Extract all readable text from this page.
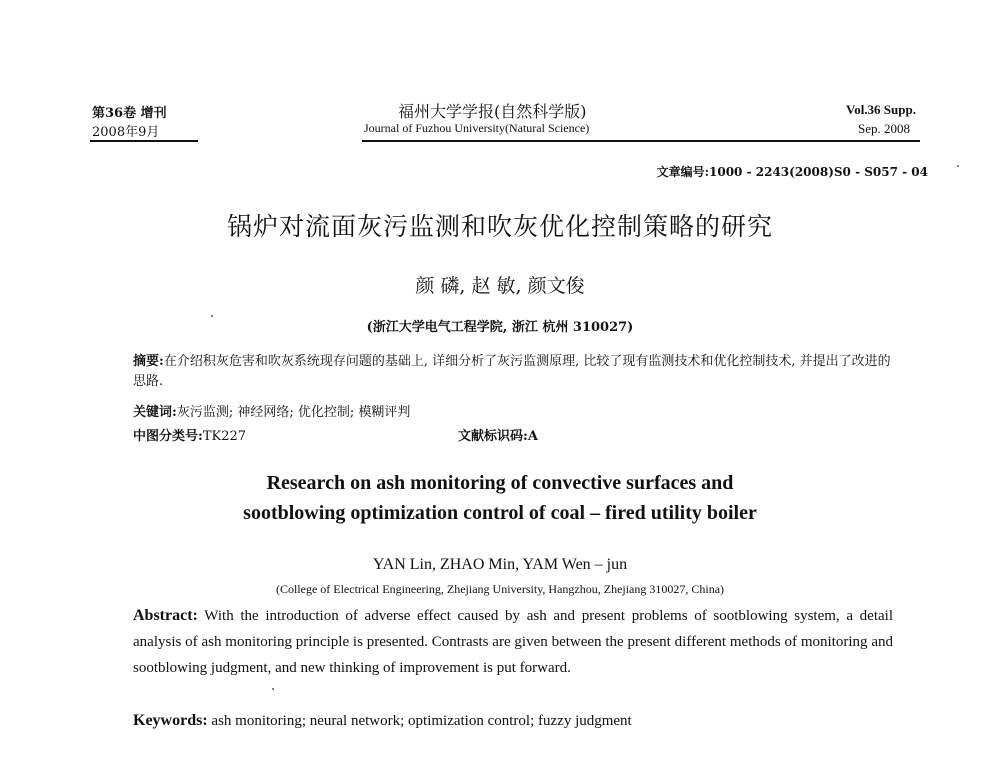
第36卷 增刊
2008年9月
福州大学学报(自然科学版)
Journal of Fuzhou University(Natural Science)
Vol.36 Supp.
Sep. 2008
文章编号:1000 - 2243(2008)S0 - S057 - 04
锅炉对流面灰污监测和吹灰优化控制策略的研究
颜 磷, 赵 敏, 颜文俊
(浙江大学电气工程学院, 浙江 杭州 310027)
摘要:在介绍积灰危害和吹灰系统现存问题的基础上, 详细分析了灰污监测原理, 比较了现有监测技术和优化控制技术, 并提出了改进的思路.
关键词:灰污监测; 神经网络; 优化控制; 模糊评判
中图分类号:TK227	文献标识码:A
Research on ash monitoring of convective surfaces and
sootblowing optimization control of coal – fired utility boiler
YAN Lin, ZHAO Min, YAM Wen – jun
(College of Electrical Engineering, Zhejiang University, Hangzhou, Zhejiang 310027, China)
Abstract: With the introduction of adverse effect caused by ash and present problems of sootblowing system, a detail analysis of ash monitoring principle is presented. Contrasts are given between the present different methods of monitoring and sootblowing judgment, and new thinking of improvement is put forward.
Keywords: ash monitoring; neural network; optimization control; fuzzy judgment
